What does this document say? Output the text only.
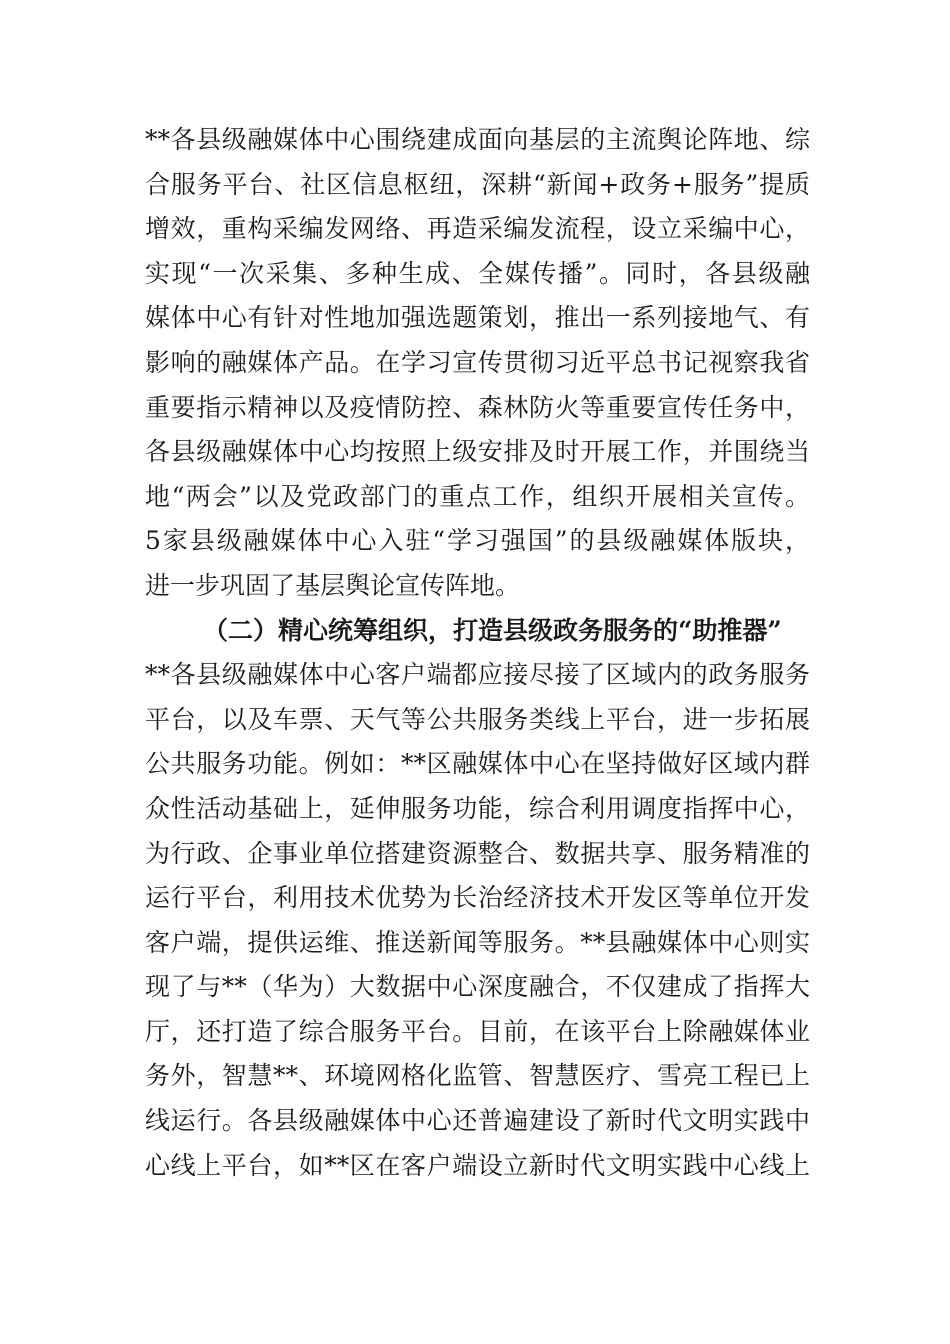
**各县级融媒体中心围绕建成面向基层的主流舆论阵地、综
合服务平台、社区信息枢纽，深耕“新闻+政务+服务”提质
增效，重构采编发网络、再造采编发流程，设立采编中心，
实现“一次采集、多种生成、全媒传播”。同时，各县级融
媒体中心有针对性地加强选题策划，推出一系列接地气、有
影响的融媒体产品。在学习宣传贯彻习近平总书记视察我省
重要指示精神以及疫情防控、森林防火等重要宣传任务中，
各县级融媒体中心均按照上级安排及时开展工作，并围绕当
地“两会”以及党政部门的重点工作，组织开展相关宣传。
5家县级融媒体中心入驻“学习强国”的县级融媒体版块，
进一步巩固了基层舆论宣传阵地。
（二）精心统筹组织，打造县级政务服务的“助推器”
**各县级融媒体中心客户端都应接尽接了区域内的政务服务
平台，以及车票、天气等公共服务类线上平台，进一步拓展
公共服务功能。例如：**区融媒体中心在坚持做好区域内群
众性活动基础上，延伸服务功能，综合利用调度指挥中心，
为行政、企事业单位搭建资源整合、数据共享、服务精准的
运行平台，利用技术优势为长治经济技术开发区等单位开发
客户端，提供运维、推送新闻等服务。**县融媒体中心则实
现了与**（华为）大数据中心深度融合，不仅建成了指挥大
厅，还打造了综合服务平台。目前，在该平台上除融媒体业
务外，智慧**、环境网格化监管、智慧医疗、雪亮工程已上
线运行。各县级融媒体中心还普遍建设了新时代文明实践中
心线上平台，如**区在客户端设立新时代文明实践中心线上
